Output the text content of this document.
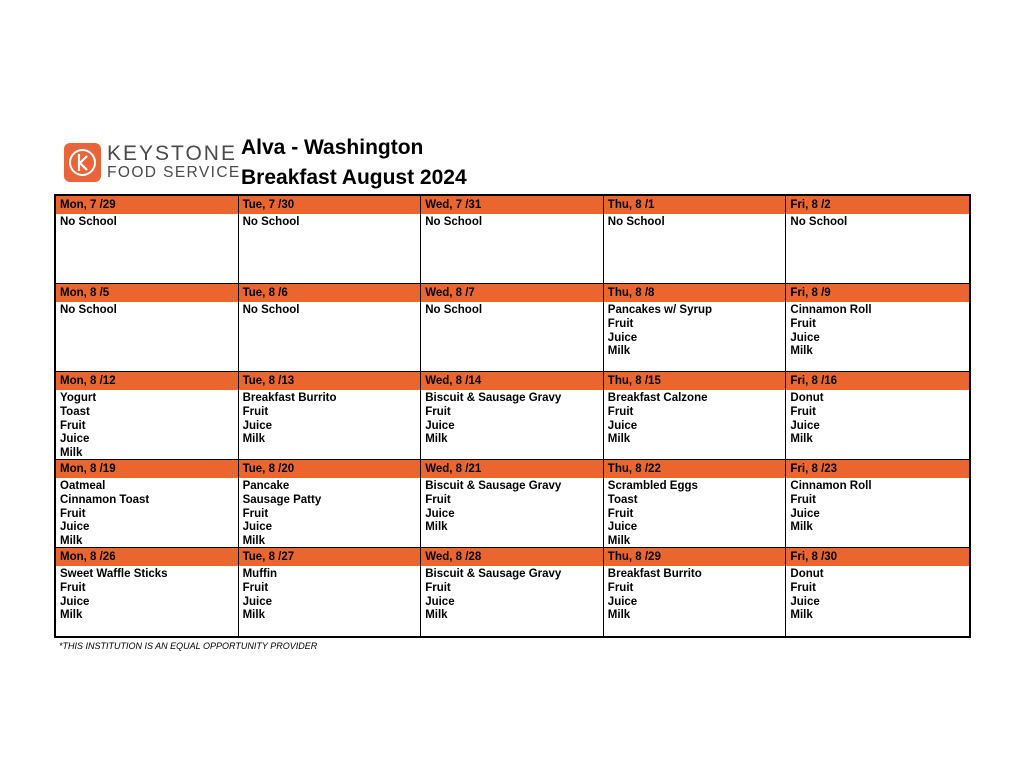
KEYSTONE
FOOD SERVICE
Alva - Washington
Breakfast August 2024
Mon, 7 /29
No School
Tue, 7 /30
No School
Wed, 7 /31
No School
Thu, 8 /1
No School
Fri, 8 /2
No School
Mon, 8 /5
No School
Tue, 8 /6
No School
Wed, 8 /7
No School
Thu, 8 /8
Pancakes w/ Syrup
Fruit
Juice
Milk
Fri, 8 /9
Cinnamon Roll
Fruit
Juice
Milk
Mon, 8 /12
Yogurt
Toast
Fruit
Juice
Milk
Tue, 8 /13
Breakfast Burrito
Fruit
Juice
Milk
Wed, 8 /14
Biscuit & Sausage Gravy
Fruit
Juice
Milk
Thu, 8 /15
Breakfast Calzone
Fruit
Juice
Milk
Fri, 8 /16
Donut
Fruit
Juice
Milk
Mon, 8 /19
Oatmeal
Cinnamon Toast
Fruit
Juice
Milk
Tue, 8 /20
Pancake
Sausage Patty
Fruit
Juice
Milk
Wed, 8 /21
Biscuit & Sausage Gravy
Fruit
Juice
Milk
Thu, 8 /22
Scrambled Eggs
Toast
Fruit
Juice
Milk
Fri, 8 /23
Cinnamon Roll
Fruit
Juice
Milk
Mon, 8 /26
Sweet Waffle Sticks
Fruit
Juice
Milk
Tue, 8 /27
Muffin
Fruit
Juice
Milk
Wed, 8 /28
Biscuit & Sausage Gravy
Fruit
Juice
Milk
Thu, 8 /29
Breakfast Burrito
Fruit
Juice
Milk
Fri, 8 /30
Donut
Fruit
Juice
Milk
*THIS INSTITUTION IS AN EQUAL OPPORTUNITY PROVIDER
